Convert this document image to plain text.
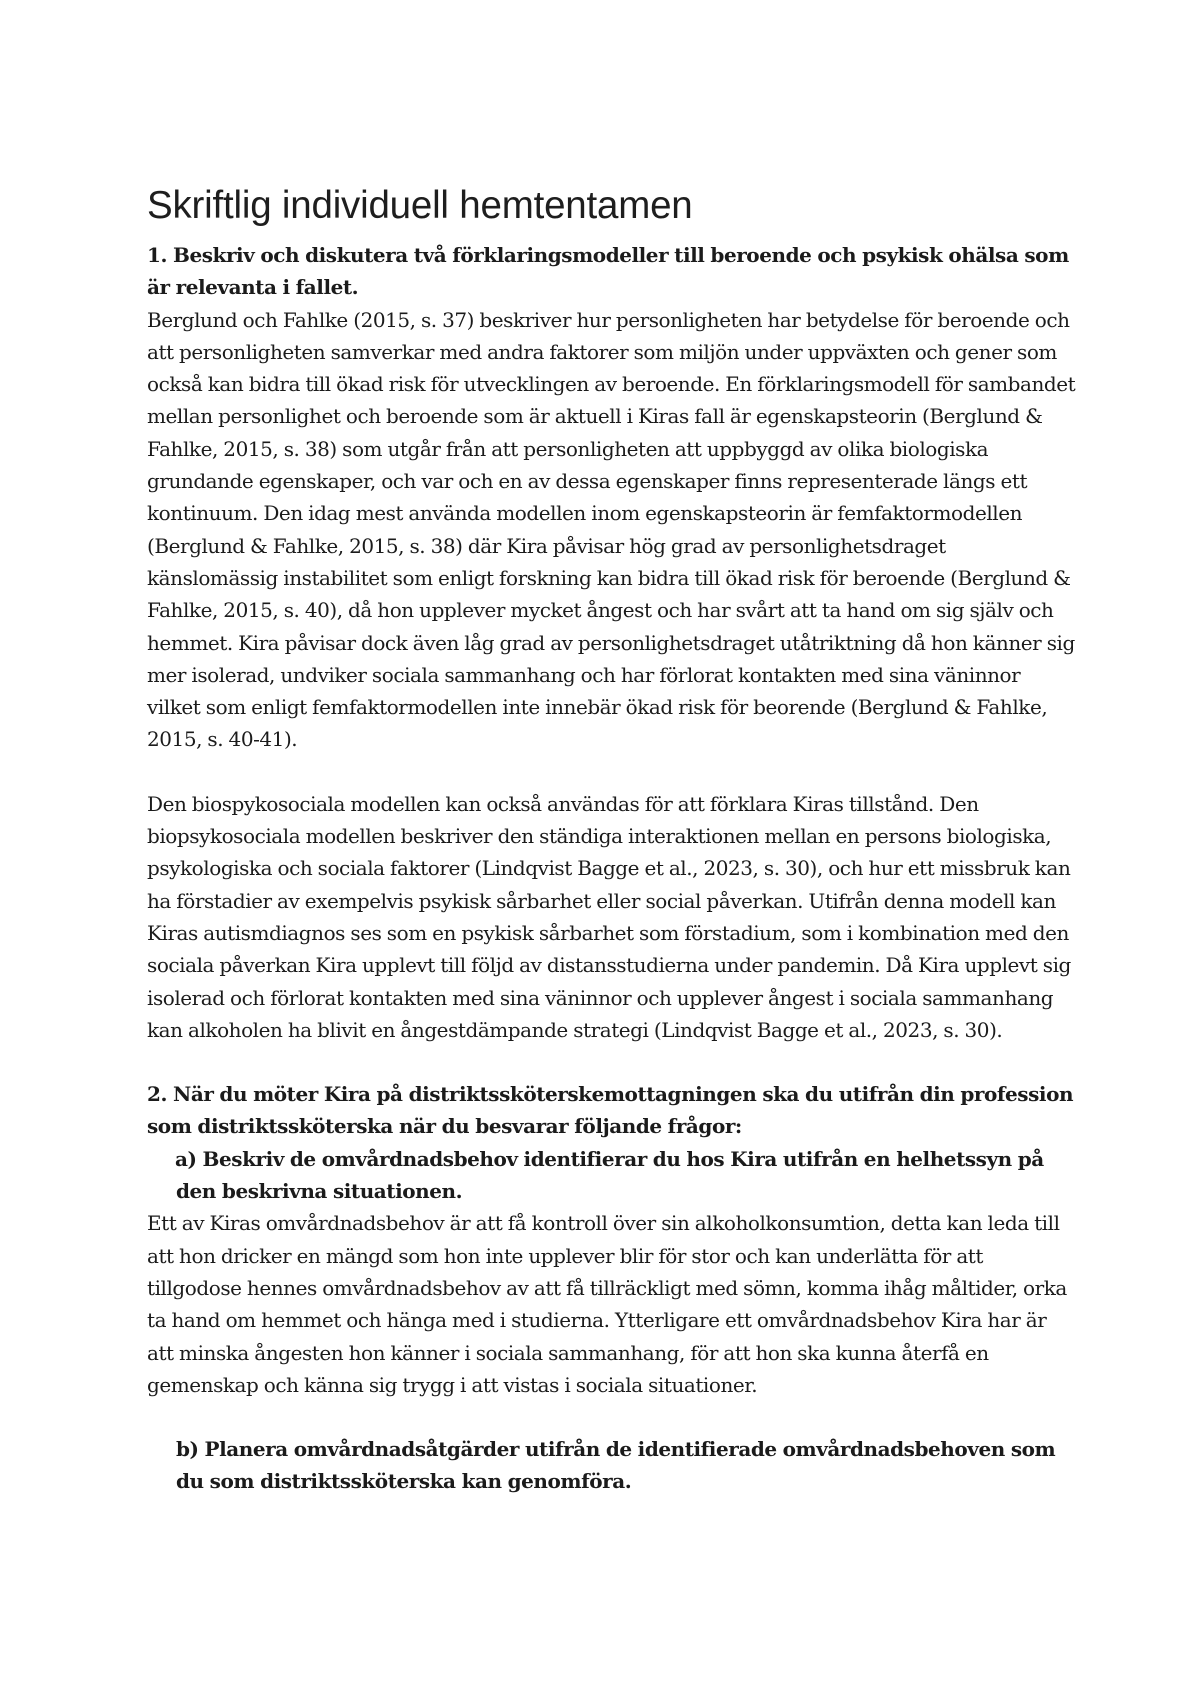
Skriftlig individuell hemtentamen

1. Beskriv och diskutera två förklaringsmodeller till beroende och psykisk ohälsa som är relevanta i fallet.

Berglund och Fahlke (2015, s. 37) beskriver hur personligheten har betydelse för beroende och att personligheten samverkar med andra faktorer som miljön under uppväxten och gener som också kan bidra till ökad risk för utvecklingen av beroende. En förklaringsmodell för sambandet mellan personlighet och beroende som är aktuell i Kiras fall är egenskapsteorin (Berglund & Fahlke, 2015, s. 38) som utgår från att personligheten att uppbyggd av olika biologiska grundande egenskaper, och var och en av dessa egenskaper finns representerade längs ett kontinuum. Den idag mest använda modellen inom egenskapsteorin är femfaktormodellen (Berglund & Fahlke, 2015, s. 38) där Kira påvisar hög grad av personlighetsdraget känslomässig instabilitet som enligt forskning kan bidra till ökad risk för beroende (Berglund & Fahlke, 2015, s. 40), då hon upplever mycket ångest och har svårt att ta hand om sig själv och hemmet. Kira påvisar dock även låg grad av personlighetsdraget utåtriktning då hon känner sig mer isolerad, undviker sociala sammanhang och har förlorat kontakten med sina väninnor vilket som enligt femfaktormodellen inte innebär ökad risk för beorende (Berglund & Fahlke, 2015, s. 40-41).

Den biospykosociala modellen kan också användas för att förklara Kiras tillstånd. Den biopsykosociala modellen beskriver den ständiga interaktionen mellan en persons biologiska, psykologiska och sociala faktorer (Lindqvist Bagge et al., 2023, s. 30), och hur ett missbruk kan ha förstadier av exempelvis psykisk sårbarhet eller social påverkan. Utifrån denna modell kan Kiras autismdiagnos ses som en psykisk sårbarhet som förstadium, som i kombination med den sociala påverkan Kira upplevt till följd av distansstudierna under pandemin. Då Kira upplevt sig isolerad och förlorat kontakten med sina väninnor och upplever ångest i sociala sammanhang kan alkoholen ha blivit en ångestdämpande strategi (Lindqvist Bagge et al., 2023, s. 30).

2. När du möter Kira på distriktssköterskemottagningen ska du utifrån din profession som distriktssköterska när du besvarar följande frågor:

a) Beskriv de omvårdnadsbehov identifierar du hos Kira utifrån en helhetssyn på den beskrivna situationen.

Ett av Kiras omvårdnadsbehov är att få kontroll över sin alkoholkonsumtion, detta kan leda till att hon dricker en mängd som hon inte upplever blir för stor och kan underlätta för att tillgodose hennes omvårdnadsbehov av att få tillräckligt med sömn, komma ihåg måltider, orka ta hand om hemmet och hänga med i studierna. Ytterligare ett omvårdnadsbehov Kira har är att minska ångesten hon känner i sociala sammanhang, för att hon ska kunna återfå en gemenskap och känna sig trygg i att vistas i sociala situationer.

b) Planera omvårdnadsåtgärder utifrån de identifierade omvårdnadsbehoven som du som distriktssköterska kan genomföra.
